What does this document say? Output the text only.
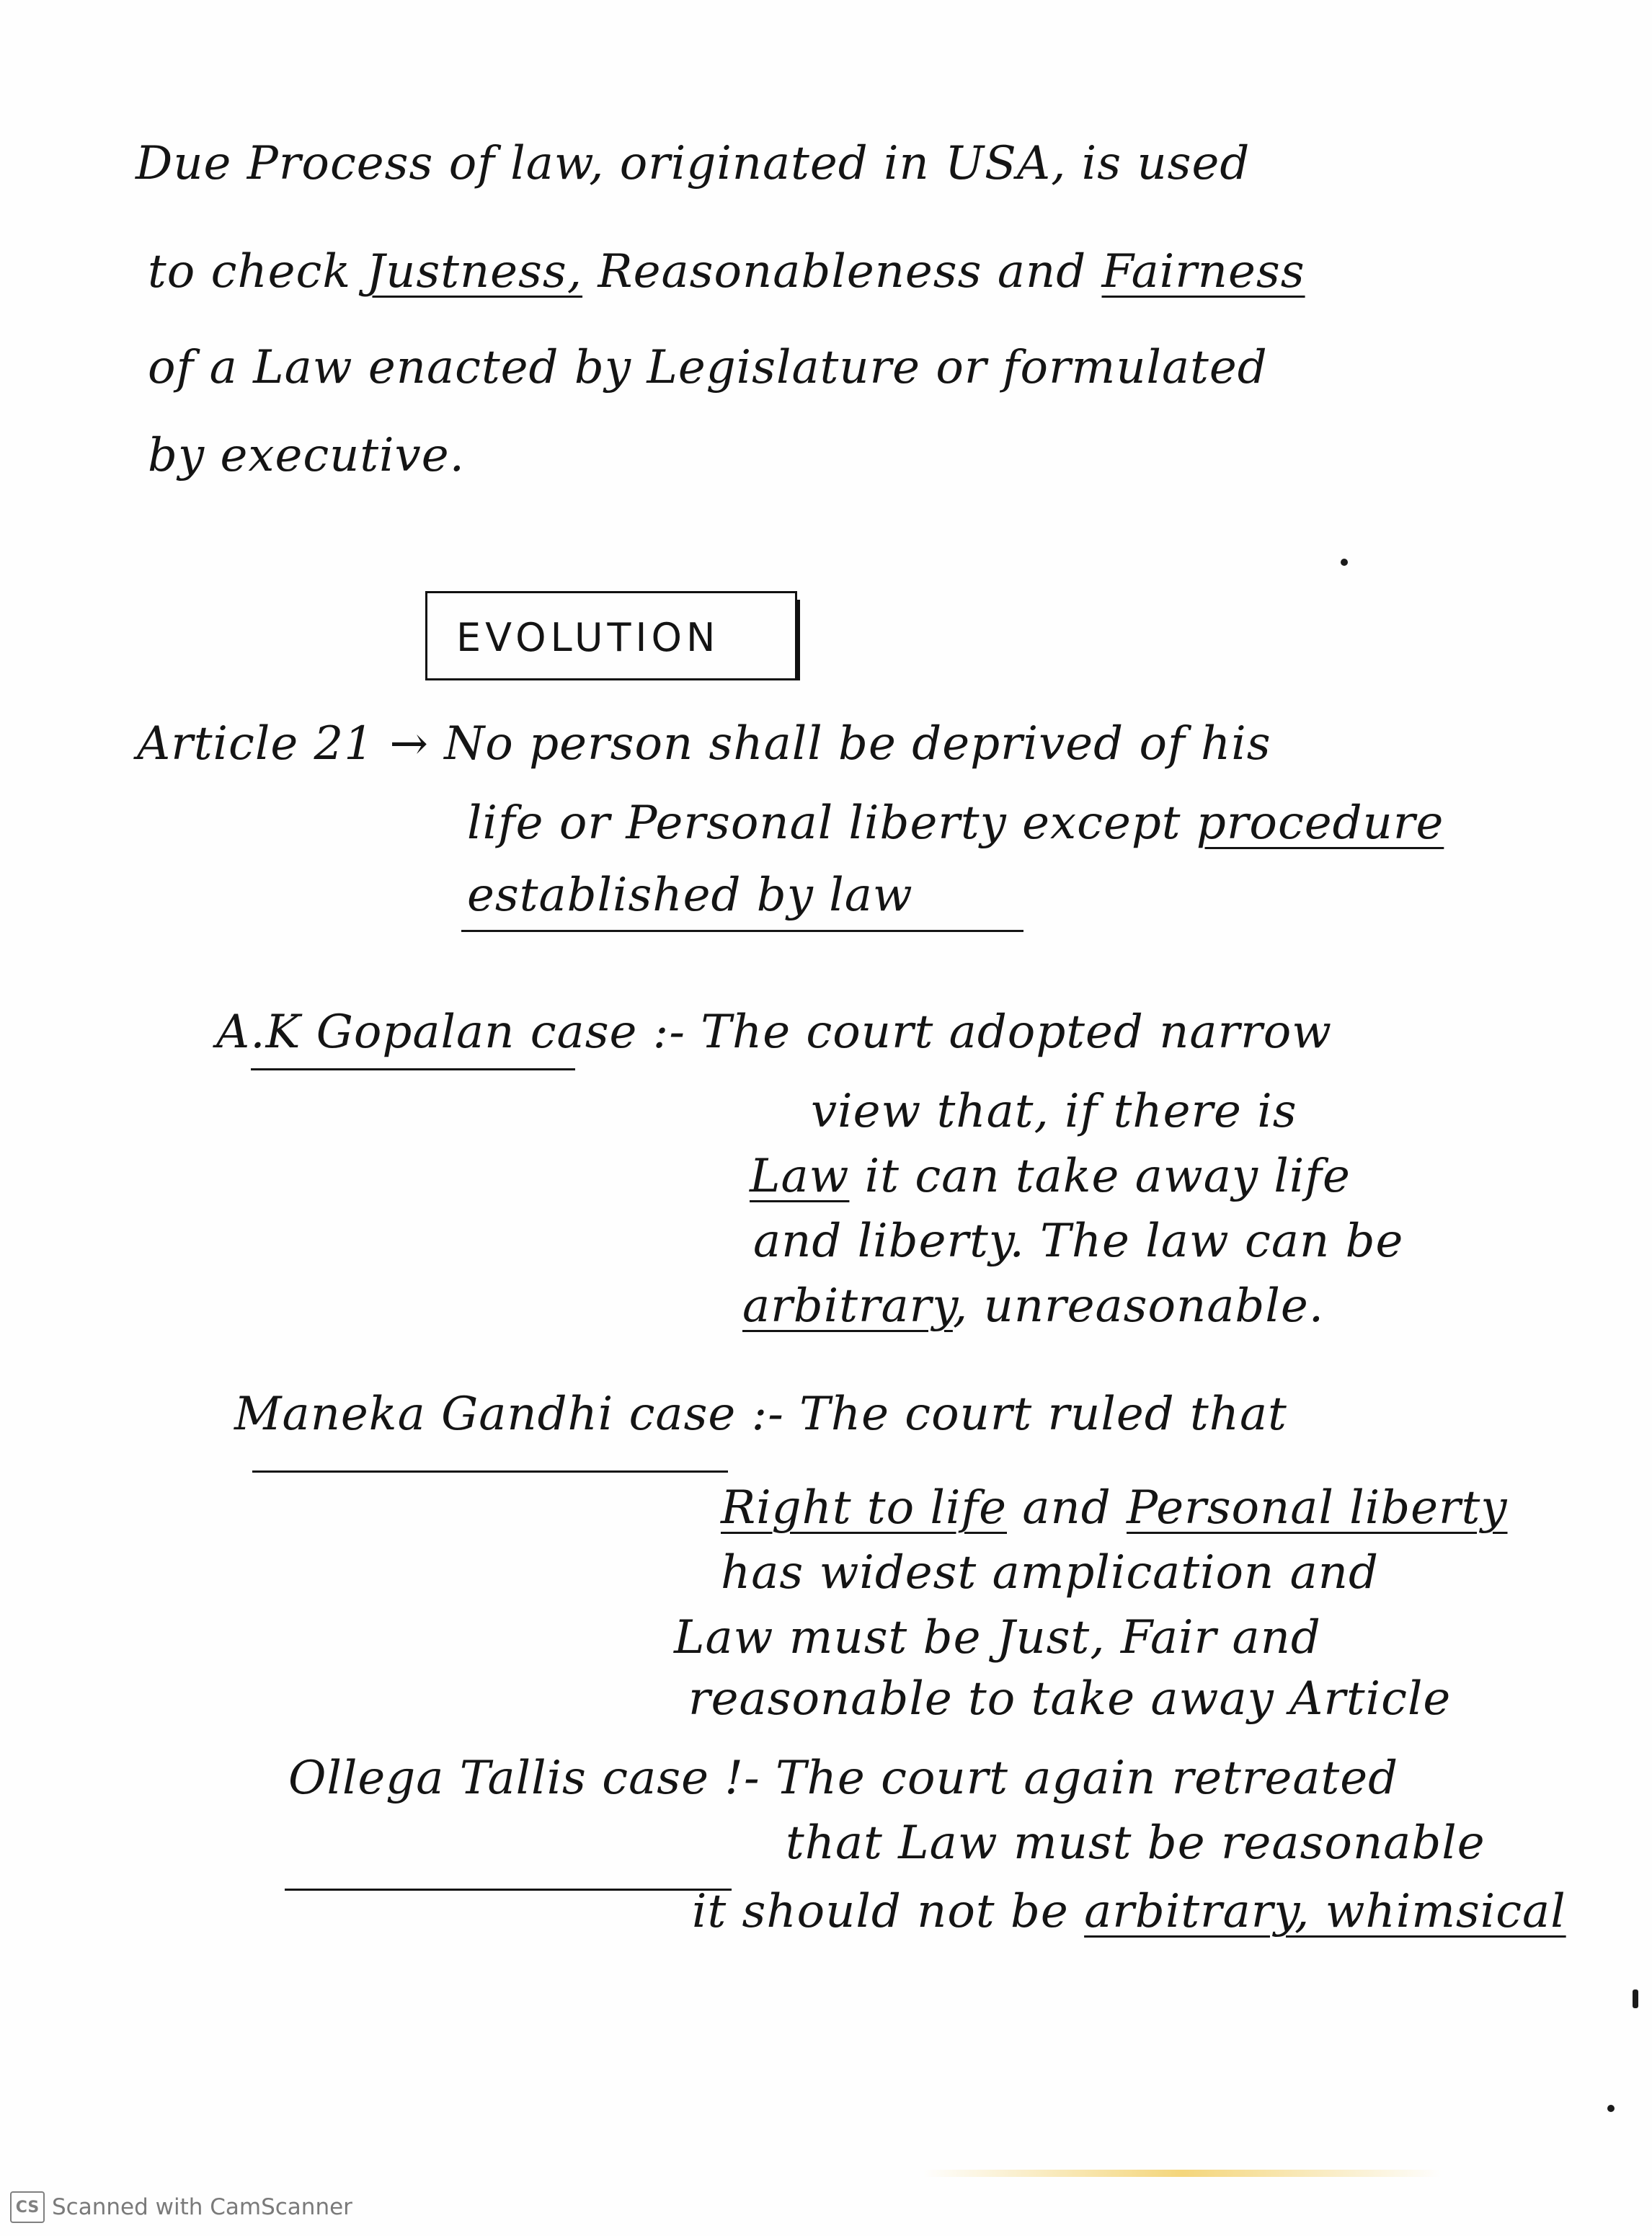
Due Process of law, originated in USA, is used
to check Justness, Reasonableness and Fairness
of a Law enacted by Legislature or formulated
by executive.
EVOLUTION
Article 21 → No person shall be deprived of his
life or Personal liberty except procedure
established by law
A.K Gopalan case :- The court adopted narrow
view that, if there is
Law it can take away life
and liberty. The law can be
arbitrary, unreasonable.
Maneka Gandhi case :- The court ruled that
Right to life and Personal liberty
has widest amplication and
Law must be Just, Fair and
reasonable to take away Article
Ollega Tallis case !- The court again retreated
that Law must be reasonable
it should not be arbitrary, whimsical
CS Scanned with CamScanner
